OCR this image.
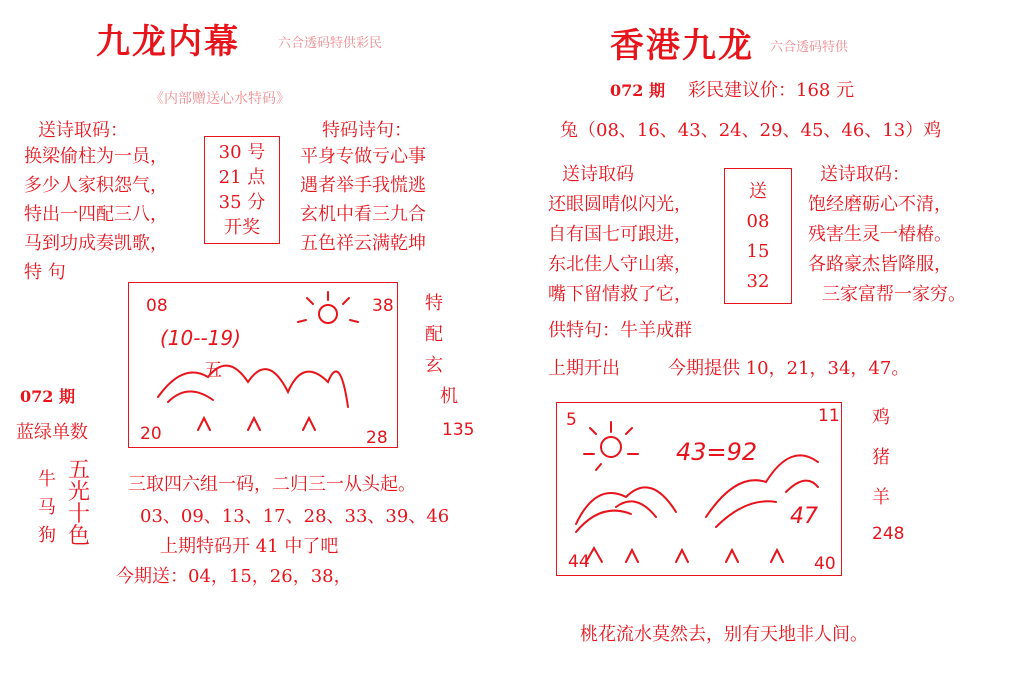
九龙内幕	六合透码特供彩民
《内部赠送心水特码》
送诗取码：
换梁偷柱为一员，
多少人家积怨气，
特出一四配三八，
马到功成奏凯歌，
特 句
30 号
21 点
35 分
开奖
特码诗句：
平身专做亏心事
遇者举手我慌逃
玄机中看三九合
五色祥云满乾坤
08	38
20	28
(10--19)
五
特
配
玄
机
135
072 期
蓝绿单数
牛
马
狗
五
光
十
色
三取四六组一码，二归三一从头起。
03、09、13、17、28、33、39、46
上期特码开 41 中了吧
今期送：04，15，26，38，
香港九龙 六合透码特供
072 期 彩民建议价：168 元
兔（08、16、43、24、29、45、46、13）鸡
送诗取码
还眼圆晴似闪光，
自有国七可跟进，
东北佳人守山寨，
嘴下留情救了它，
送
08
15
32
送诗取码：
饱经磨砺心不清，
残害生灵一椿椿。
各路豪杰皆降服，
三家富帮一家穷。
供特句：牛羊成群
上期开出	今期提供 10，21，34，47。
5	11
44	40
43=92
47
鸡
猪
羊
248
桃花流水莫然去，别有天地非人间。
